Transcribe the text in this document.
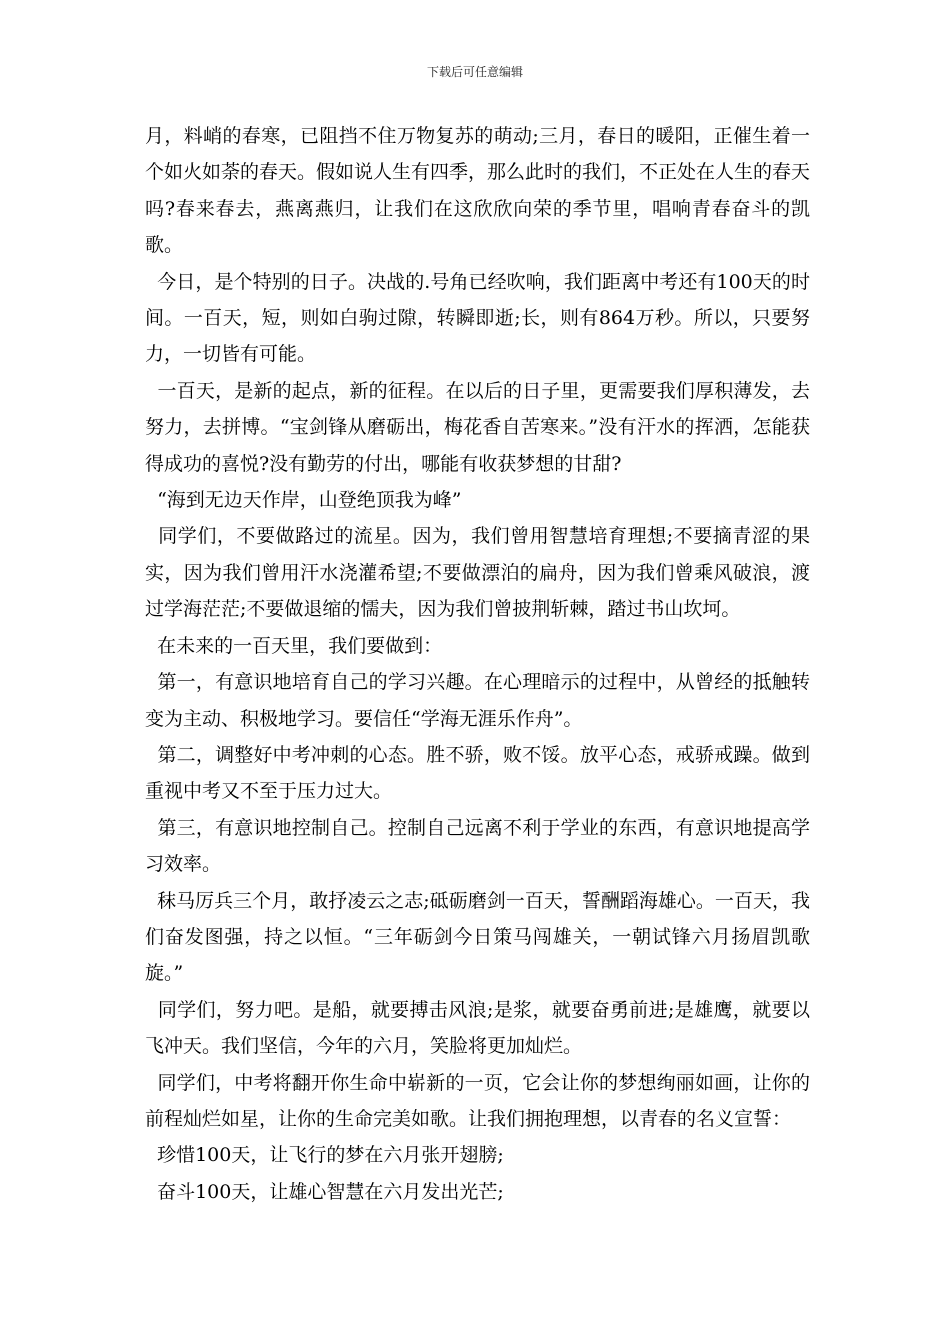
下载后可任意编辑

月，料峭的春寒，已阻挡不住万物复苏的萌动;三月，春日的暖阳，正催生着一个如火如荼的春天。假如说人生有四季，那么此时的我们，不正处在人生的春天吗?春来春去，燕离燕归，让我们在这欣欣向荣的季节里，唱响青春奋斗的凯歌。

今日，是个特别的日子。决战的.号角已经吹响，我们距离中考还有100天的时间。一百天，短，则如白驹过隙，转瞬即逝;长，则有864万秒。所以，只要努力，一切皆有可能。

一百天，是新的起点，新的征程。在以后的日子里，更需要我们厚积薄发，去努力，去拼博。“宝剑锋从磨砺出，梅花香自苦寒来。”没有汗水的挥洒，怎能获得成功的喜悦?没有勤劳的付出，哪能有收获梦想的甘甜?

“海到无边天作岸，山登绝顶我为峰”

同学们，不要做路过的流星。因为，我们曾用智慧培育理想;不要摘青涩的果实，因为我们曾用汗水浇灌希望;不要做漂泊的扁舟，因为我们曾乘风破浪，渡过学海茫茫;不要做退缩的懦夫，因为我们曾披荆斩棘，踏过书山坎坷。

在未来的一百天里，我们要做到：

第一，有意识地培育自己的学习兴趣。在心理暗示的过程中，从曾经的抵触转变为主动、积极地学习。要信任“学海无涯乐作舟”。

第二，调整好中考冲刺的心态。胜不骄，败不馁。放平心态，戒骄戒躁。做到重视中考又不至于压力过大。

第三，有意识地控制自己。控制自己远离不利于学业的东西，有意识地提高学习效率。

秣马厉兵三个月，敢抒凌云之志;砥砺磨剑一百天，誓酬蹈海雄心。一百天，我们奋发图强，持之以恒。“三年砺剑今日策马闯雄关，一朝试锋六月扬眉凯歌旋。”

同学们，努力吧。是船，就要搏击风浪;是浆，就要奋勇前进;是雄鹰，就要以飞冲天。我们坚信，今年的六月，笑脸将更加灿烂。

同学们，中考将翻开你生命中崭新的一页，它会让你的梦想绚丽如画，让你的前程灿烂如星，让你的生命完美如歌。让我们拥抱理想，以青春的名义宣誓：

珍惜100天，让飞行的梦在六月张开翅膀;

奋斗100天，让雄心智慧在六月发出光芒;
